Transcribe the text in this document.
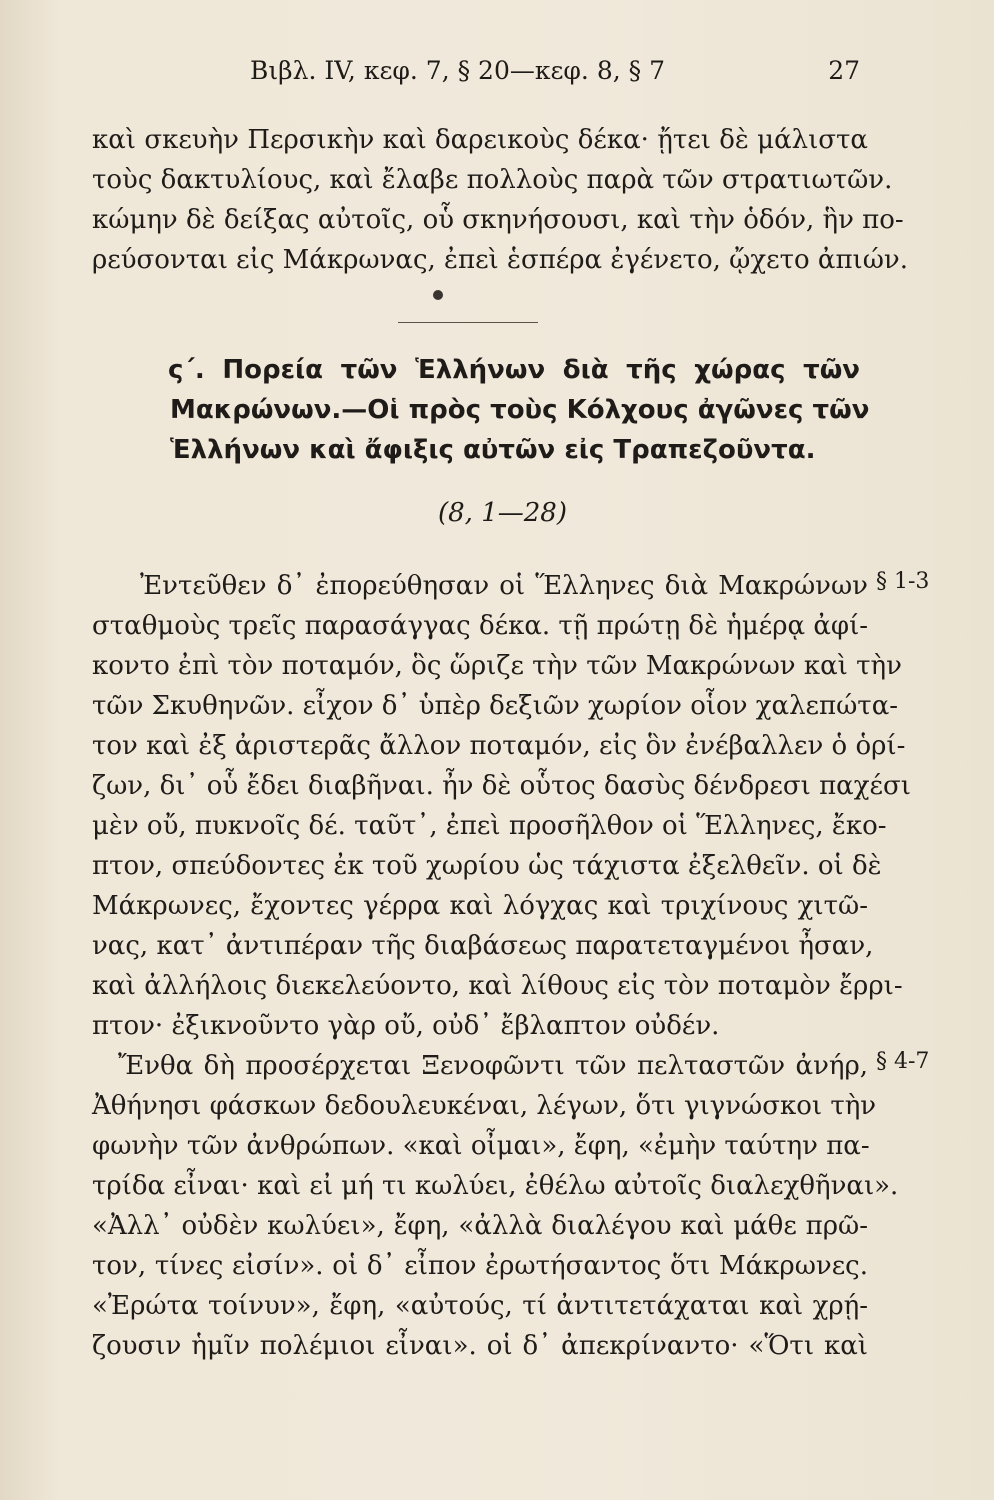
Βιβλ. IV, κεφ. 7, § 20—κεφ. 8, § 7	27
καὶ σκευὴν Περσικὴν καὶ δαρεικοὺς δέκα· ᾔτει δὲ μάλιστα
τοὺς δακτυλίους, καὶ ἔλαβε πολλοὺς παρὰ τῶν στρατιωτῶν.
κώμην δὲ δείξας αὐτοῖς, οὗ σκηνήσουσι, καὶ τὴν ὁδόν, ἣν πο-
ρεύσονται εἰς Μάκρωνας, ἐπεὶ ἑσπέρα ἐγένετο, ᾤχετο ἀπιών.
ς΄. Πορεία τῶν Ἑλλήνων διὰ τῆς χώρας τῶν
Μακρώνων.—Οἱ πρὸς τοὺς Κόλχους ἀγῶνες τῶν
Ἑλλήνων καὶ ἄφιξις αὐτῶν εἰς Τραπεζοῦντα.
(8, 1—28)
Ἐντεῦθεν δ᾽ ἐπορεύθησαν οἱ Ἕλληνες διὰ Μακρώνων
σταθμοὺς τρεῖς παρασάγγας δέκα. τῇ πρώτῃ δὲ ἡμέρᾳ ἀφί-
κοντο ἐπὶ τὸν ποταμόν, ὃς ὥριζε τὴν τῶν Μακρώνων καὶ τὴν
τῶν Σκυθηνῶν. εἶχον δ᾽ ὑπὲρ δεξιῶν χωρίον οἷον χαλεπώτα-
τον καὶ ἐξ ἀριστερᾶς ἄλλον ποταμόν, εἰς ὃν ἐνέβαλλεν ὁ ὁρί-
ζων, δι᾽ οὗ ἔδει διαβῆναι. ἦν δὲ οὗτος δασὺς δένδρεσι παχέσι
μὲν οὔ, πυκνοῖς δέ. ταῦτ᾽, ἐπεὶ προσῆλθον οἱ Ἕλληνες, ἔκο-
πτον, σπεύδοντες ἐκ τοῦ χωρίου ὡς τάχιστα ἐξελθεῖν. οἱ δὲ
Μάκρωνες, ἔχοντες γέρρα καὶ λόγχας καὶ τριχίνους χιτῶ-
νας, κατ᾽ ἀντιπέραν τῆς διαβάσεως παρατεταγμένοι ἦσαν,
καὶ ἀλλήλοις διεκελεύοντο, καὶ λίθους εἰς τὸν ποταμὸν ἔρρι-
πτον· ἐξικνοῦντο γὰρ οὔ, οὐδ᾽ ἔβλαπτον οὐδέν.
Ἔνθα δὴ προσέρχεται Ξενοφῶντι τῶν πελταστῶν ἀνήρ,
Ἀθήνησι φάσκων δεδουλευκέναι, λέγων, ὅτι γιγνώσκοι τὴν
φωνὴν τῶν ἀνθρώπων. «καὶ οἶμαι», ἔφη, «ἐμὴν ταύτην πα-
τρίδα εἶναι· καὶ εἰ μή τι κωλύει, ἐθέλω αὐτοῖς διαλεχθῆναι».
«Ἀλλ᾽ οὐδὲν κωλύει», ἔφη, «ἀλλὰ διαλέγου καὶ μάθε πρῶ-
τον, τίνες εἰσίν». οἱ δ᾽ εἶπον ἐρωτήσαντος ὅτι Μάκρωνες.
«Ἐρώτα τοίνυν», ἔφη, «αὐτούς, τί ἀντιτετάχαται καὶ χρῄ-
ζουσιν ἡμῖν πολέμιοι εἶναι». οἱ δ᾽ ἀπεκρίναντο· «Ὅτι καὶ
§ 1-3
§ 4-7
